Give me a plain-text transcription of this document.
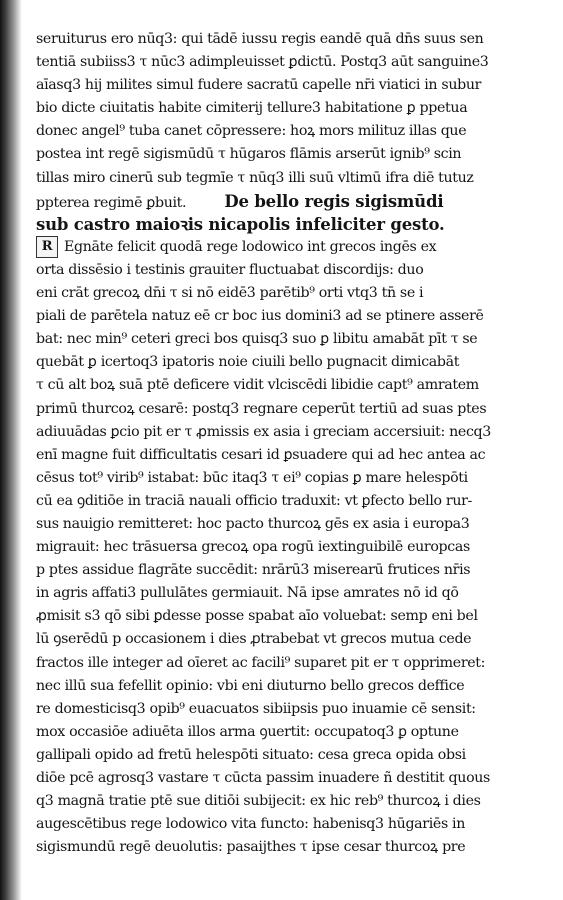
seruiturus ero nūq3: qui tādē iussu regis eandē quā dn̄s suus sen
tentiā subiiss3 τ nūc3 adimpleuisset ꝑdictū. Postq3 aūt sanguine3
aīasq3 hij milites simul fudere sacratū capelle nr̄i viatici in subur
bio dicte ciuitatis habite cimiterij tellure3 habitatione ꝑ ppetua
donec angel⁹ tuba canet cōpressere: hoꝝ mors milituz illas que
postea int regē sigismūdū τ hūgaros flāmis arserūt ignib⁹ scin
tillas miro cinerū sub tegmīe τ nūq3 illi suū vltimū ifra diē tutuz
ppterea regimē ꝑbuit. De bello regis sigismūdi
sub castro maioꝛis nicapolis infeliciter gesto.
R Egnāte felicit quodā rege lodowico int grecos ingēs ex
orta dissēsio i testinis grauiter fluctuabat discordijs: duo
eni crāt grecoꝝ dn̄i τ si nō eidē3 parētib⁹ orti vtq3 tn̄ se i
piali de parētela natuz eē cr boc ius domini3 ad se ptinere asserē
bat: nec min⁹ ceteri greci bos quisq3 suo ꝑ libitu amabāt pīt τ se
quebāt ꝑ icertoq3 ipatoris noie ciuili bello pugnacit dimicabāt
τ cū alt boꝝ suā ptē deficere vidit vlciscēdi libidie capt⁹ amratem
primū thurcoꝝ cesarē: postq3 regnare ceperūt tertiū ad suas ptes
adiuuādas ꝑcio pit er τ ꝓmissis ex asia i greciam accersiuit: necq3
enī magne fuit difficultatis cesari id ꝑsuadere qui ad hec antea ac
cēsus tot⁹ virib⁹ istabat: būc itaq3 τ ei⁹ copias ꝑ mare helespōti
cū ea ꝯditiōe in traciā nauali officio traduxit: vt ꝑfecto bello rur-
sus nauigio remitteret: hoc pacto thurcoꝝ gēs ex asia i europa3
migrauit: hec trāsuersa grecoꝝ opa rogū iextinguibilē europcas
p ptes assidue flagrāte succēdit: nrārū3 miserearū frutices nr̄is
in agris affati3 pullulātes germiauit. Nā ipse amrates nō id qō
ꝓmisit s3 qō sibi ꝑdesse posse spabat aīo voluebat: semp eni bel
lū ꝯserēdū p occasionem i dies ꝓtrabebat vt grecos mutua cede
fractos ille integer ad oīeret ac facili⁹ suparet pit er τ opprimeret:
nec illū sua fefellit opinio: vbi eni diuturno bello grecos deffice
re domesticisq3 opib⁹ euacuatos sibiipsis puo inuamie cē sensit:
mox occasiōe adiuēta illos arma ꝯuertit: occupatoq3 ꝑ optune
gallipali opido ad fretū helespōti situato: cesa greca opida obsi
diōe pcē agrosq3 vastare τ cūcta passim inuadere ñ destitit quous
q3 magnā tratie ptē sue ditiōi subijecit: ex hic reb⁹ thurcoꝝ i dies
augescētibus rege lodowico vita functo: habenisq3 hūgariēs in
sigismundū regē deuolutis: pasaijthes τ ipse cesar thurcoꝝ pre
